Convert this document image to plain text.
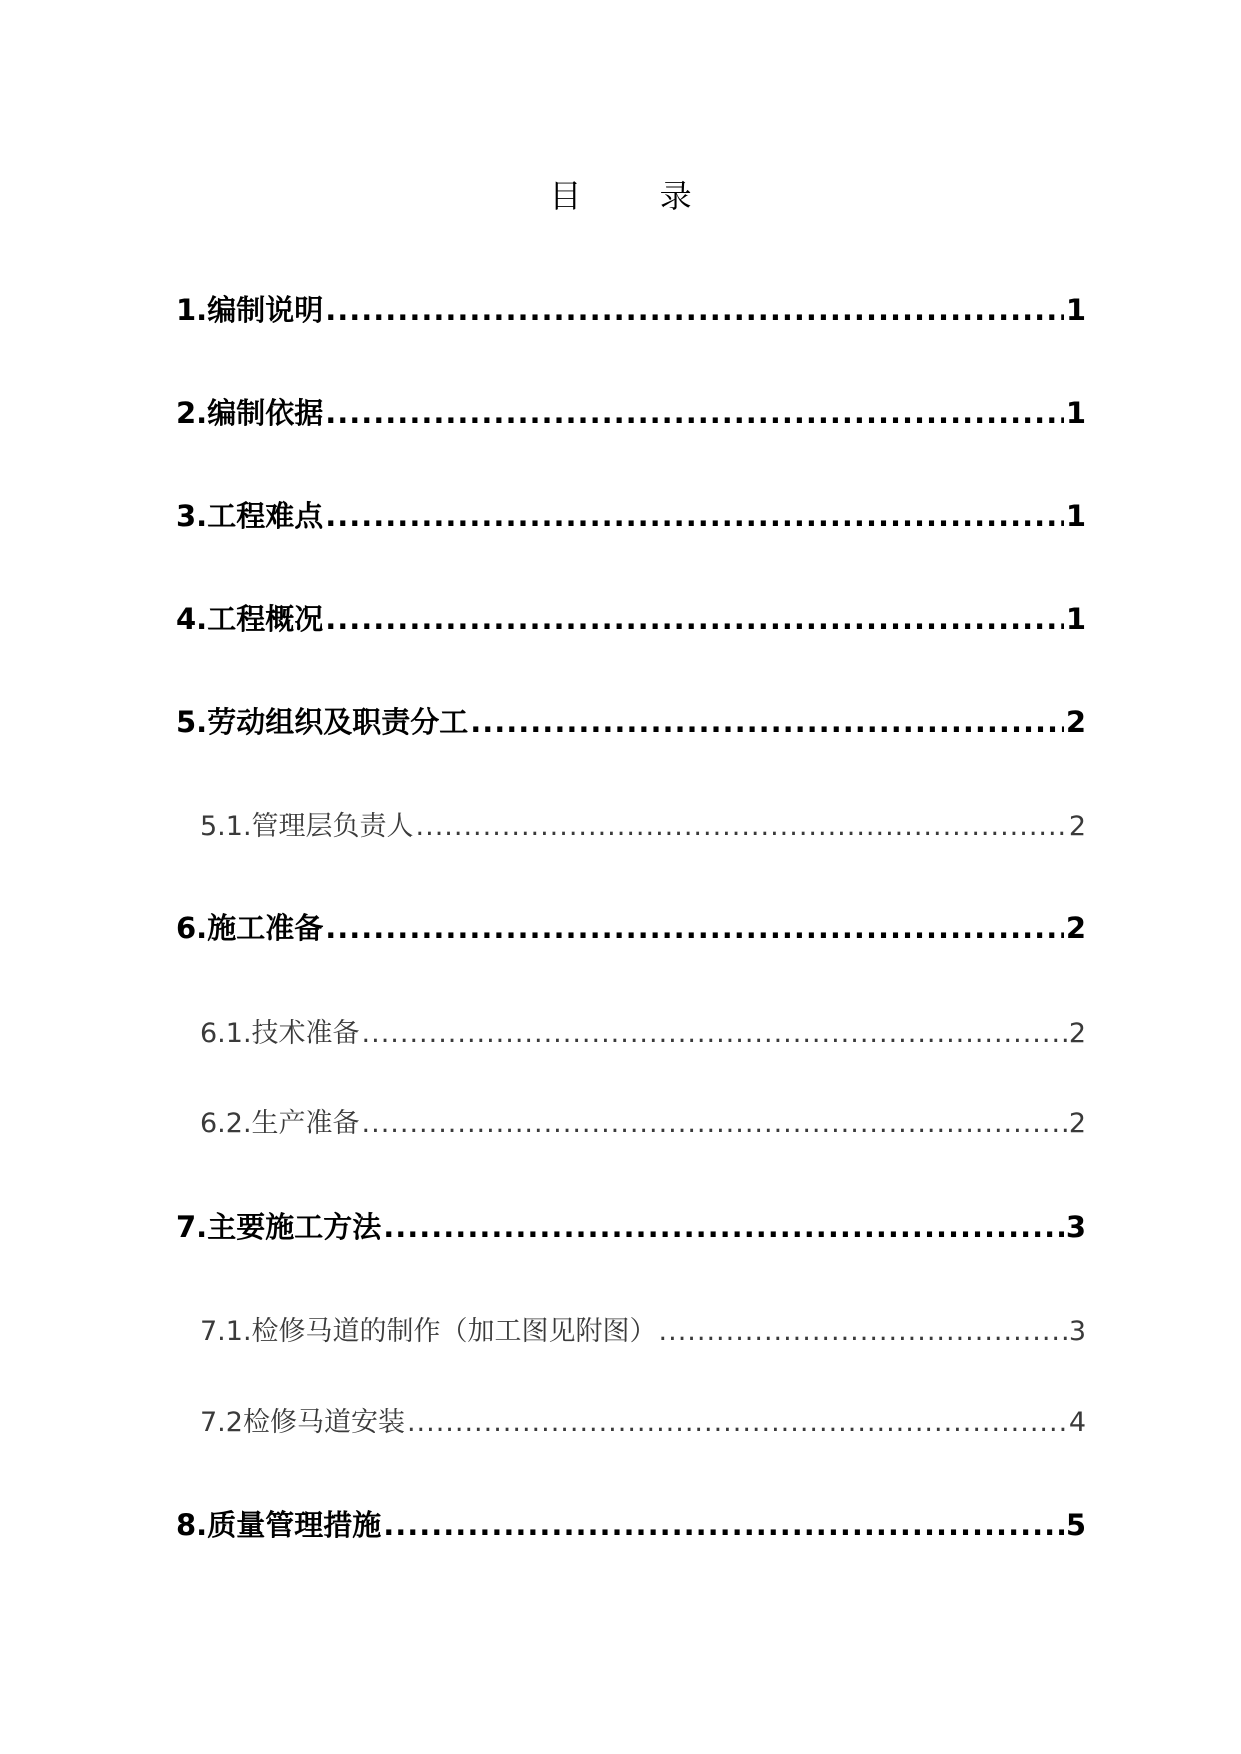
目 录
1.编制说明 .....	1
2.编制依据 .....	1
3.工程难点 .....	1
4.工程概况 .....	1
5.劳动组织及职责分工 .....	2
5.1.管理层负责人 .....	2
6.施工准备 .....	2
6.1.技术准备 .....	2
6.2.生产准备 .....	2
7.主要施工方法 .....	3
7.1.检修马道的制作（加工图见附图） .....	3
7.2检修马道安装 .....	4
8.质量管理措施 .....	5
